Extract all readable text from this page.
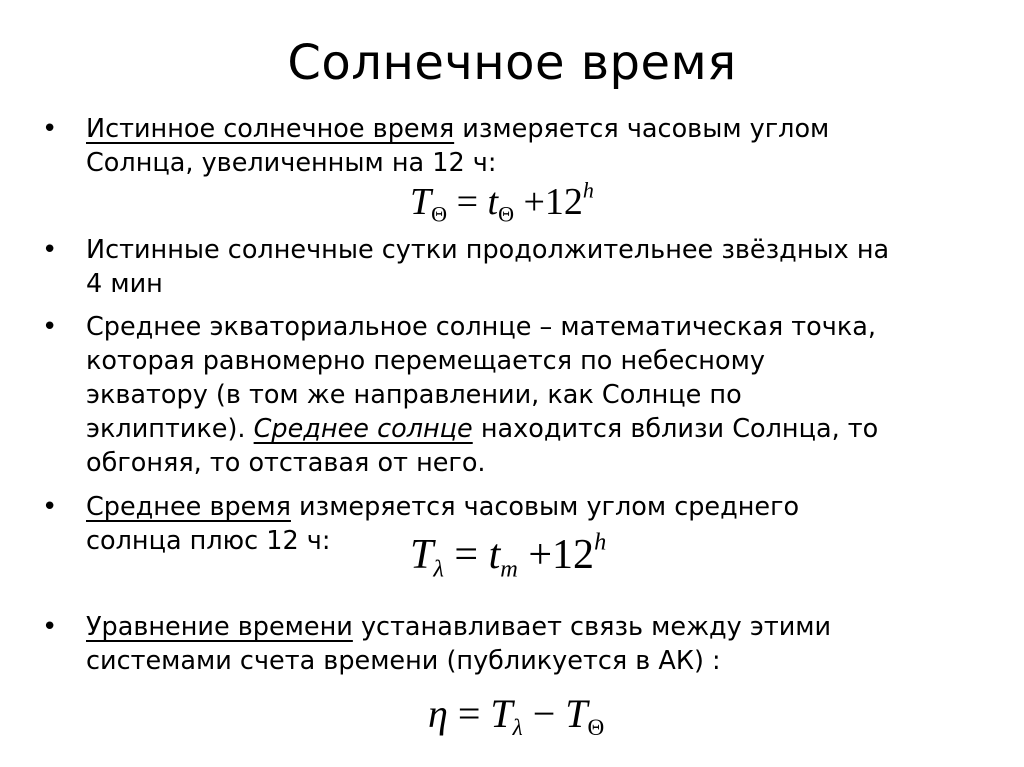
Солнечное время
• Истинное солнечное время измеряется часовым углом
Солнца, увеличенным на 12 ч:
$T_\Theta = t_\Theta +12^h$
• Истинные солнечные сутки продолжительнее звёздных на
4 мин
• Среднее экваториальное солнце – математическая точка,
которая равномерно перемещается по небесному
экватору (в том же направлении, как Солнце по
эклиптике). Среднее солнце находится вблизи Солнца, то
обгоняя, то отставая от него.
• Среднее время измеряется часовым углом среднего
солнца плюс 12 ч:	$T_\lambda = t_m +12^h$
• Уравнение времени устанавливает связь между этими
системами счета времени (публикуется в АК) :
$\eta = T_\lambda - T_\Theta$
